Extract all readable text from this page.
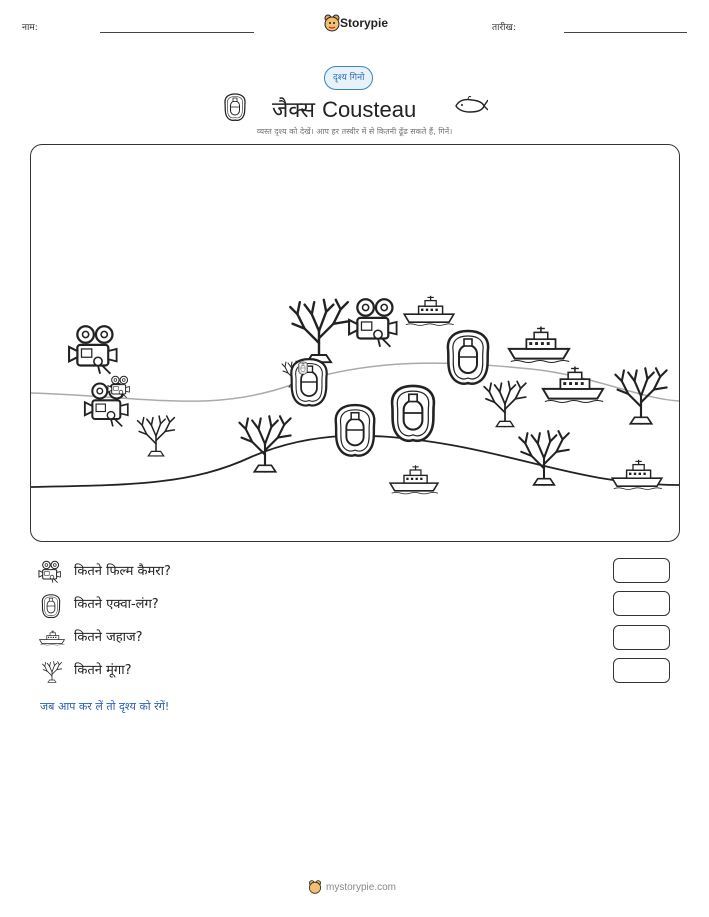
नाम:	Storypie	तारीख:
दृश्य गिनो
जैक्स Cousteau
व्यस्त दृश्य को देखें। आप हर तस्वीर में से कितनी ढूँढ सकते हैं, गिनें।
कितने फिल्म कैमरा?
कितने एक्वा-लंग?
कितने जहाज?
कितने मूंगा?
जब आप कर लें तो दृश्य को रंगें!
mystorypie.com
